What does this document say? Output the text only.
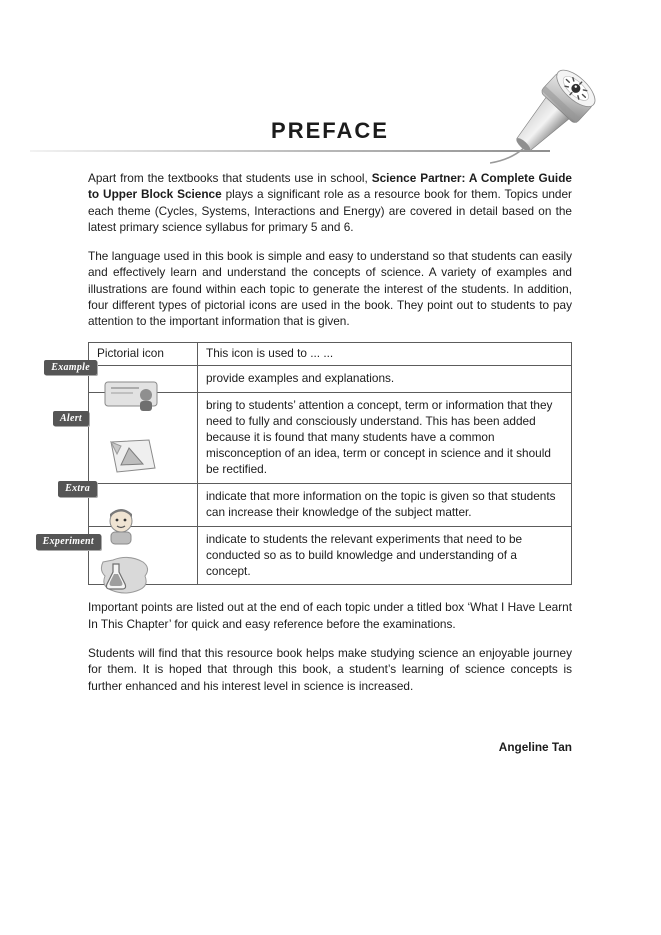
PREFACE

Apart from the textbooks that students use in school, Science Partner: A Complete Guide to Upper Block Science plays a significant role as a resource book for them. Topics under each theme (Cycles, Systems, Interactions and Energy) are covered in detail based on the latest primary science syllabus for primary 5 and 6.

The language used in this book is simple and easy to understand so that students can easily and effectively learn and understand the concepts of science. A variety of examples and illustrations are found within each topic to generate the interest of the students. In addition, four different types of pictorial icons are used in the book. They point out to students to pay attention to the important information that is given.

Pictorial icon	This icon is used to ... ...

Example	provide examples and explanations.

Alert	bring to students’ attention a concept, term or information that they need to fully and consciously understand. This has been added because it is found that many students have a common misconception of an idea, term or concept in science and it should be rectified.

Extra	indicate that more information on the topic is given so that students can increase their knowledge of the subject matter.

Experiment	indicate to students the relevant experiments that need to be conducted so as to build knowledge and understanding of a concept.

Important points are listed out at the end of each topic under a titled box ‘What I Have Learnt In This Chapter’ for quick and easy reference before the examinations.

Students will find that this resource book helps make studying science an enjoyable journey for them. It is hoped that through this book, a student’s learning of science concepts is further enhanced and his interest level in science is increased.

Angeline Tan
